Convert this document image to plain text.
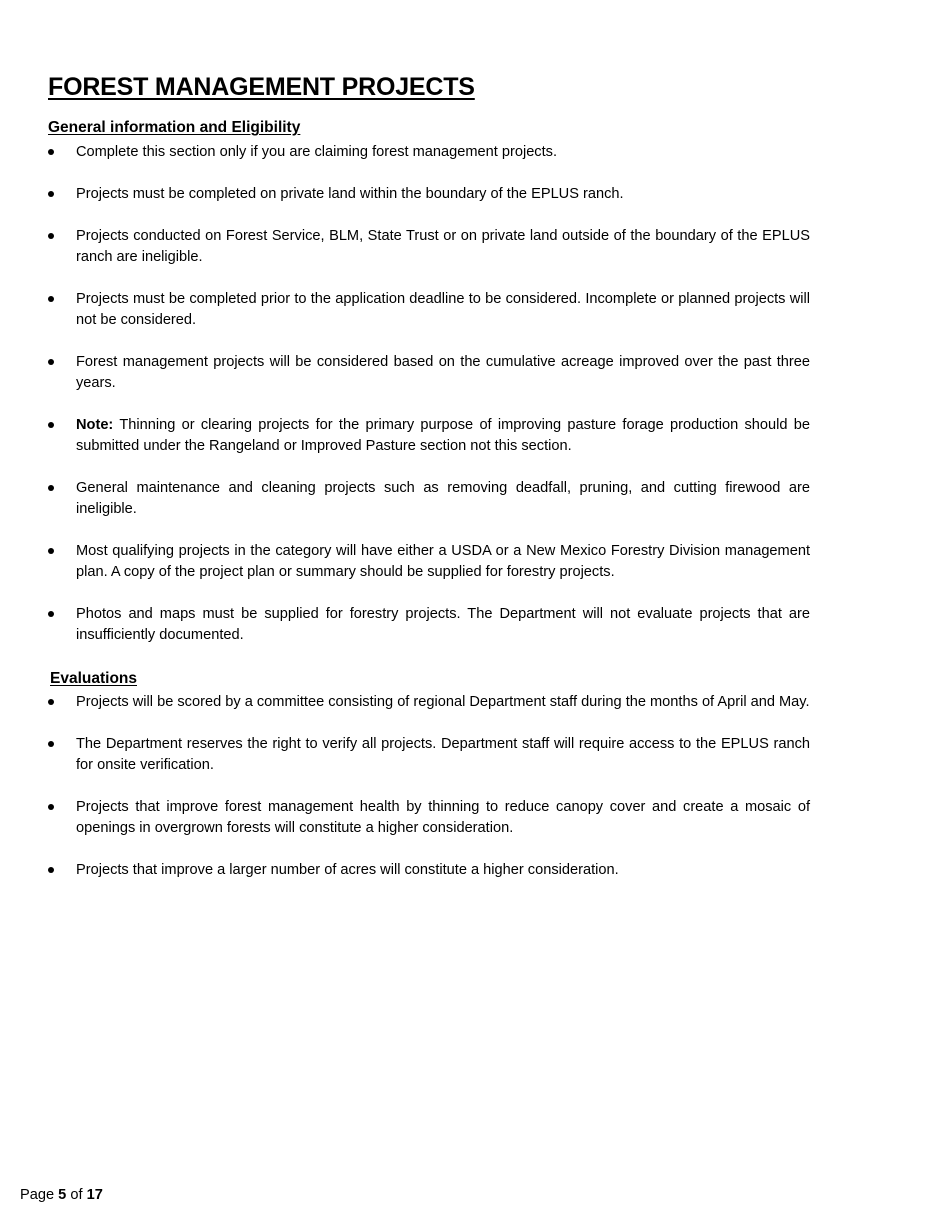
FOREST MANAGEMENT PROJECTS
General information and Eligibility
Complete this section only if you are claiming forest management projects.
Projects must be completed on private land within the boundary of the EPLUS ranch.
Projects conducted on Forest Service, BLM, State Trust or on private land outside of the boundary of the EPLUS ranch are ineligible.
Projects must be completed prior to the application deadline to be considered. Incomplete or planned projects will not be considered.
Forest management projects will be considered based on the cumulative acreage improved over the past three years.
Note: Thinning or clearing projects for the primary purpose of improving pasture forage production should be submitted under the Rangeland or Improved Pasture section not this section.
General maintenance and cleaning projects such as removing deadfall, pruning, and cutting firewood are ineligible.
Most qualifying projects in the category will have either a USDA or a New Mexico Forestry Division management plan. A copy of the project plan or summary should be supplied for forestry projects.
Photos and maps must be supplied for forestry projects. The Department will not evaluate projects that are insufficiently documented.
Evaluations
Projects will be scored by a committee consisting of regional Department staff during the months of April and May.
The Department reserves the right to verify all projects. Department staff will require access to the EPLUS ranch for onsite verification.
Projects that improve forest management health by thinning to reduce canopy cover and create a mosaic of openings in overgrown forests will constitute a higher consideration.
Projects that improve a larger number of acres will constitute a higher consideration.
Page 5 of 17
